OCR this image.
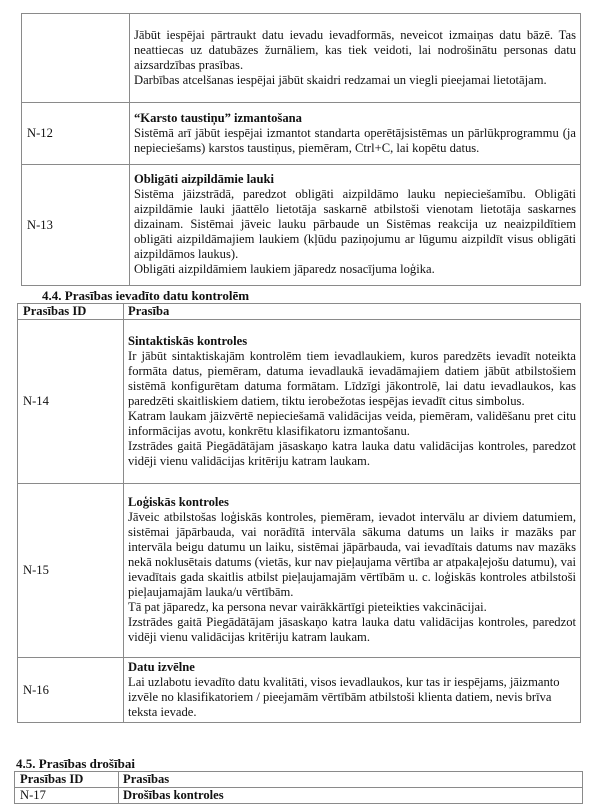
	Jābūt iespējai pārtraukt datu ievadu ievadformās, neveicot izmaiņas datu bāzē. Tas neattiecas uz datubāzes žurnāliem, kas tiek veidoti, lai nodrošinātu personas datu aizsardzības prasības.
Darbības atcelšanas iespējai jābūt skaidri redzamai un viegli pieejamai lietotājam.

N-12	“Karsto taustiņu” izmantošana
Sistēmā arī jābūt iespējai izmantot standarta operētājsistēmas un pārlūkprogrammu (ja nepieciešams) karstos taustiņus, piemēram, Ctrl+C, lai kopētu datus.

N-13	Obligāti aizpildāmie lauki
Sistēma jāizstrādā, paredzot obligāti aizpildāmo lauku nepieciešamību. Obligāti aizpildāmie lauki jāattēlo lietotāja saskarnē atbilstoši vienotam lietotāja saskarnes dizainam. Sistēmai jāveic lauku pārbaude un Sistēmas reakcija uz neaizpildītiem obligāti aizpildāmajiem laukiem (kļūdu paziņojumu ar lūgumu aizpildīt visus obligāti aizpildāmos laukus).
Obligāti aizpildāmiem laukiem jāparedz nosacījuma loģika.
4.4. Prasības ievadīto datu kontrolēm
Prasības ID	Prasība
N-14	Sintaktiskās kontroles
Ir jābūt sintaktiskajām kontrolēm tiem ievadlaukiem, kuros paredzēts ievadīt noteikta formāta datus, piemēram, datuma ievadlaukā ievadāmajiem datiem jābūt atbilstošiem sistēmā konfigurētam datuma formātam. Līdzīgi jākontrolē, lai datu ievadlaukos, kas paredzēti skaitliskiem datiem, tiktu ierobežotas iespējas ievadīt citus simbolus.
Katram laukam jāizvērtē nepieciešamā validācijas veida, piemēram, validēšanu pret citu informācijas avotu, konkrētu klasifikatoru izmantošanu.
Izstrādes gaitā Piegādātājam jāsaskaņo katra lauka datu validācijas kontroles, paredzot vidēji vienu validācijas kritēriju katram laukam.

N-15	Loģiskās kontroles
Jāveic atbilstošas loģiskās kontroles, piemēram, ievadot intervālu ar diviem datumiem, sistēmai jāpārbauda, vai norādītā intervāla sākuma datums un laiks ir mazāks par intervāla beigu datumu un laiku, sistēmai jāpārbauda, vai ievadītais datums nav mazāks nekā noklusētais datums (vietās, kur nav pieļaujama vērtība ar atpakaļejošu datumu), vai ievadītais gada skaitlis atbilst pieļaujamajām vērtībām u. c. loģiskās kontroles atbilstoši pieļaujamajām lauka/u vērtībām.
Tā pat jāparedz, ka persona nevar vairākkārtīgi pieteikties vakcinācijai.
Izstrādes gaitā Piegādātājam jāsaskaņo katra lauka datu validācijas kontroles, paredzot vidēji vienu validācijas kritēriju katram laukam.

N-16	Datu izvēlne
Lai uzlabotu ievadīto datu kvalitāti, visos ievadlaukos, kur tas ir iespējams, jāizmanto izvēle no klasifikatoriem / pieejamām vērtībām atbilstoši klienta datiem, nevis brīva teksta ievade.
4.5. Prasības drošībai
Prasības ID	Prasības
N-17	Drošības kontroles
